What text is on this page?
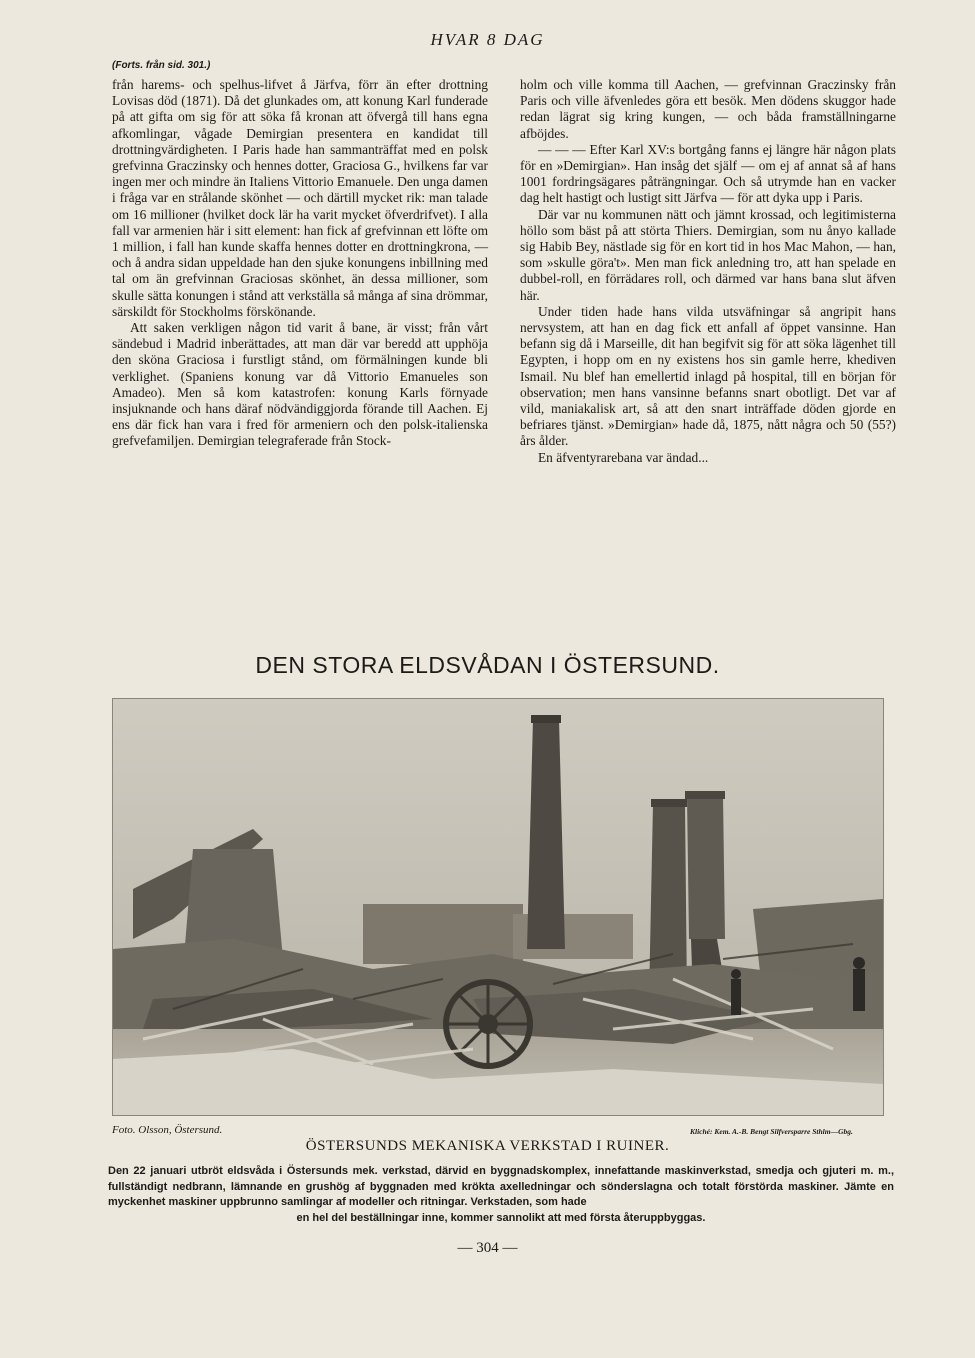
HVAR 8 DAG
(Forts. från sid. 301.)

från harems- och spelhus-lifvet å Järfva, förr än efter drottning Lovisas död (1871). Då det glunkades om, att konung Karl funderade på att gifta om sig för att söka få kronan att öfvergå till hans egna afkomlingar, vågade Demirgian presentera en kandidat till drottningvärdigheten. I Paris hade han sammanträffat med en polsk grefvinna Graczinsky och hennes dotter, Graciosa G., hvilkens far var ingen mer och mindre än Italiens Vittorio Emanuele. Den unga damen i fråga var en strålande skönhet — och därtill mycket rik: man talade om 16 millioner (hvilket dock lär ha varit mycket öfverdrifvet). I alla fall var armenien här i sitt element: han fick af grefvinnan ett löfte om 1 million, i fall han kunde skaffa hennes dotter en drottningkrona, — och å andra sidan uppeldade han den sjuke konungens inbillning med tal om än grefvinnan Graciosas skönhet, än dessa millioner, som skulle sätta konungen i stånd att verkställa så många af sina drömmar, särskildt för Stockholms förskönande.

Att saken verkligen någon tid varit å bane, är visst; från vårt sändebud i Madrid inberättades, att man där var beredd att upphöja den sköna Graciosa i furstligt stånd, om förmälningen kunde bli verklighet. (Spaniens konung var då Vittorio Emanueles son Amadeo). Men så kom katastrofen: konung Karls förnyade insjuknande och hans däraf nödvändiggjorda förande till Aachen. Ej ens där fick han vara i fred för armeniern och den polsk-italienska grefvefamiljen. Demirgian telegraferade från Stock-

holm och ville komma till Aachen, — grefvinnan Graczinsky från Paris och ville äfvenledes göra ett besök. Men dödens skuggor hade redan lägrat sig kring kungen, — och båda framställningarne afböjdes.

— — — Efter Karl XV:s bortgång fanns ej längre här någon plats för en »Demirgian». Han insåg det själf — om ej af annat så af hans 1001 fordringsägares påträngningar. Och så utrymde han en vacker dag helt hastigt och lustigt sitt Järfva — för att dyka upp i Paris.

Där var nu kommunen nätt och jämnt krossad, och legitimisterna höllo som bäst på att störta Thiers. Demirgian, som nu ånyo kallade sig Habib Bey, nästlade sig för en kort tid in hos Mac Mahon, — han, som »skulle göra't». Men man fick anledning tro, att han spelade en dubbel-roll, en förrädares roll, och därmed var hans bana slut äfven här.

Under tiden hade hans vilda utsväfningar så angripit hans nervsystem, att han en dag fick ett anfall af öppet vansinne. Han befann sig då i Marseille, dit han begifvit sig för att söka lägenhet till Egypten, i hopp om en ny existens hos sin gamle herre, khediven Ismail. Nu blef han emellertid inlagd på hospital, till en början för observation; men hans vansinne befanns snart obotligt. Det var af vild, maniakalisk art, så att den snart inträffade döden gjorde en befriares tjänst. »Demirgian» hade då, 1875, nått några och 50 (55?) års ålder.

En äfventyrarebana var ändad...

DEN STORA ELDSVÅDAN I ÖSTERSUND.
Foto. Olsson, Östersund.	Kliché: Kem. A.-B. Bengt Silfversparre Sthlm—Gbg.
ÖSTERSUNDS MEKANISKA VERKSTAD I RUINER.
Den 22 januari utbröt eldsvåda i Östersunds mek. verkstad, därvid en byggnadskomplex, innefattande maskinverkstad, smedja och gjuteri m. m., fullständigt nedbrann, lämnande en grushög af byggnaden med krökta axelledningar och sönderslagna och totalt förstörda maskiner. Jämte en myckenhet maskiner uppbrunno samlingar af modeller och ritningar. Verkstaden, som hade
en hel del beställningar inne, kommer sannolikt att med första återuppbyggas.
— 304 —
